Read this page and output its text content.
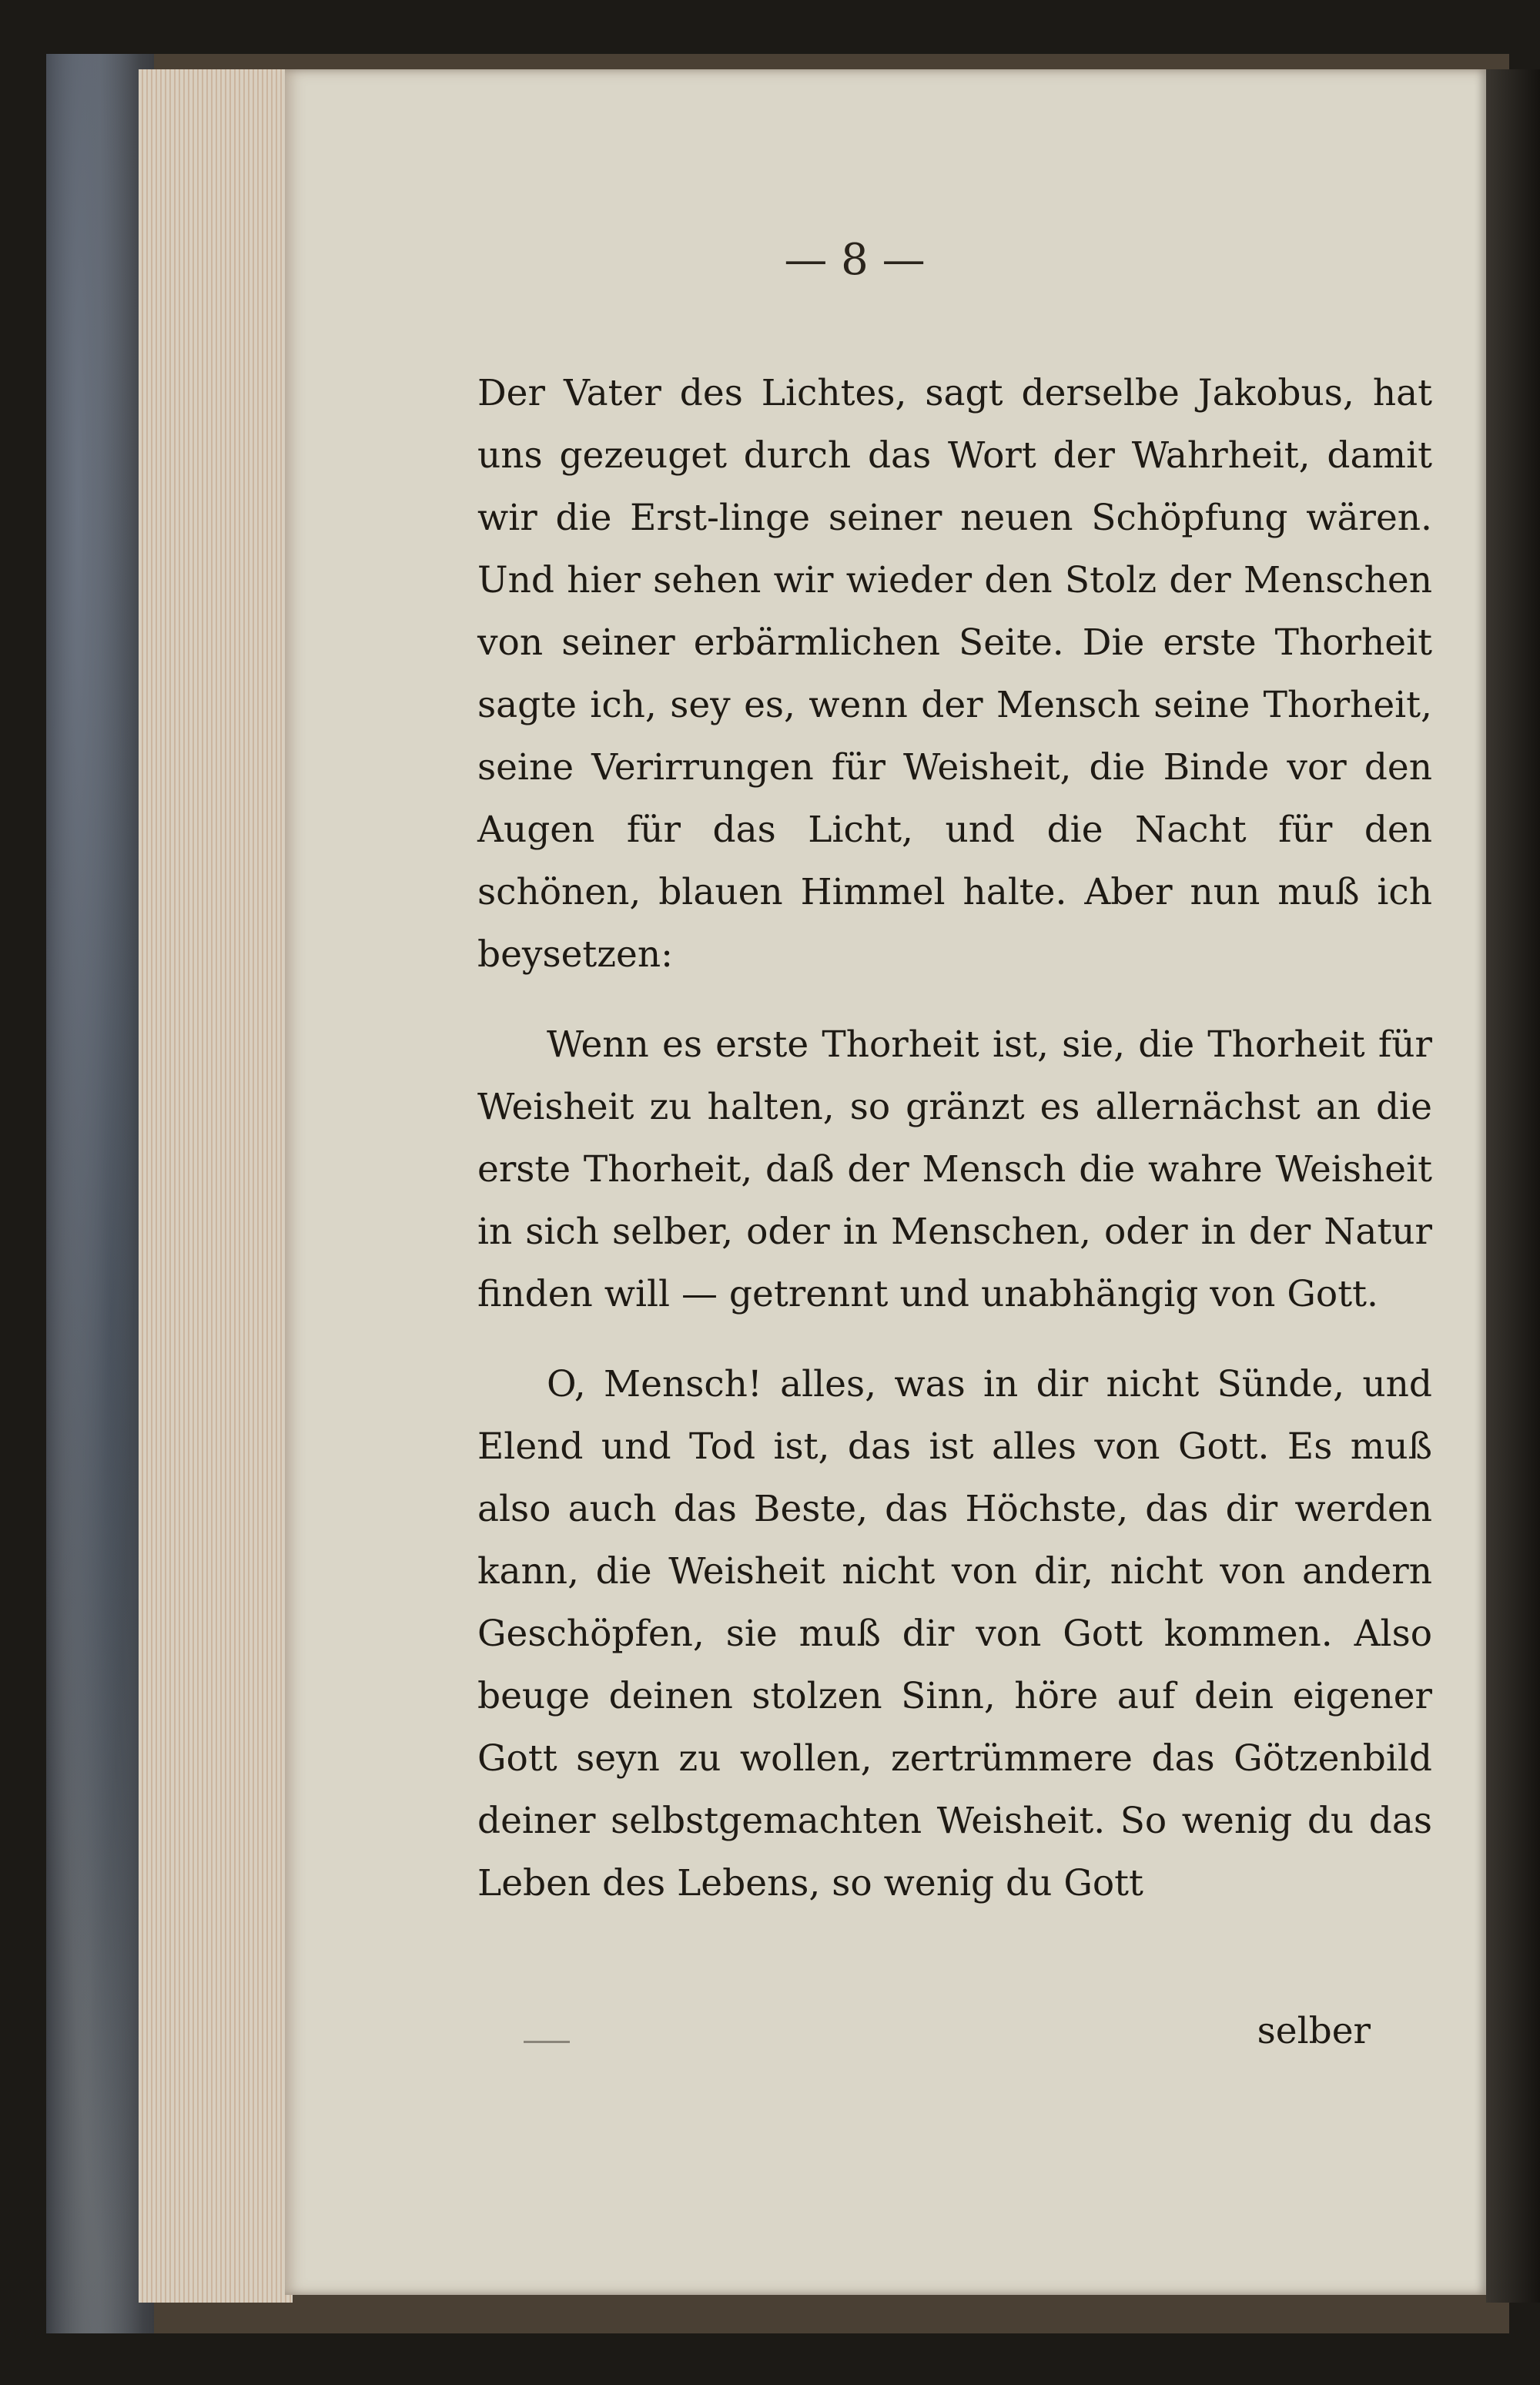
— 8 —

Der Vater des Lichtes, sagt derselbe Jakobus, hat uns gezeuget durch das Wort der Wahrheit, damit wir die Erst-linge seiner neuen Schöpfung wären. Und hier sehen wir wieder den Stolz der Menschen von seiner erbärmlichen Seite. Die erste Thorheit sagte ich, sey es, wenn der Mensch seine Thorheit, seine Verirrungen für Weisheit, die Binde vor den Augen für das Licht, und die Nacht für den schönen, blauen Himmel halte. Aber nun muß ich beysetzen:

Wenn es erste Thorheit ist, sie, die Thorheit für Weisheit zu halten, so gränzt es allernächst an die erste Thorheit, daß der Mensch die wahre Weisheit in sich selber, oder in Menschen, oder in der Natur finden will — getrennt und unabhängig von Gott.

O, Mensch! alles, was in dir nicht Sünde, und Elend und Tod ist, das ist alles von Gott. Es muß also auch das Beste, das Höchste, das dir werden kann, die Weisheit nicht von dir, nicht von andern Geschöpfen, sie muß dir von Gott kommen. Also beuge deinen stolzen Sinn, höre auf dein eigener Gott seyn zu wollen, zertrümmere das Götzenbild deiner selbstgemachten Weisheit. So wenig du das Leben des Lebens, so wenig du Gott

selber
